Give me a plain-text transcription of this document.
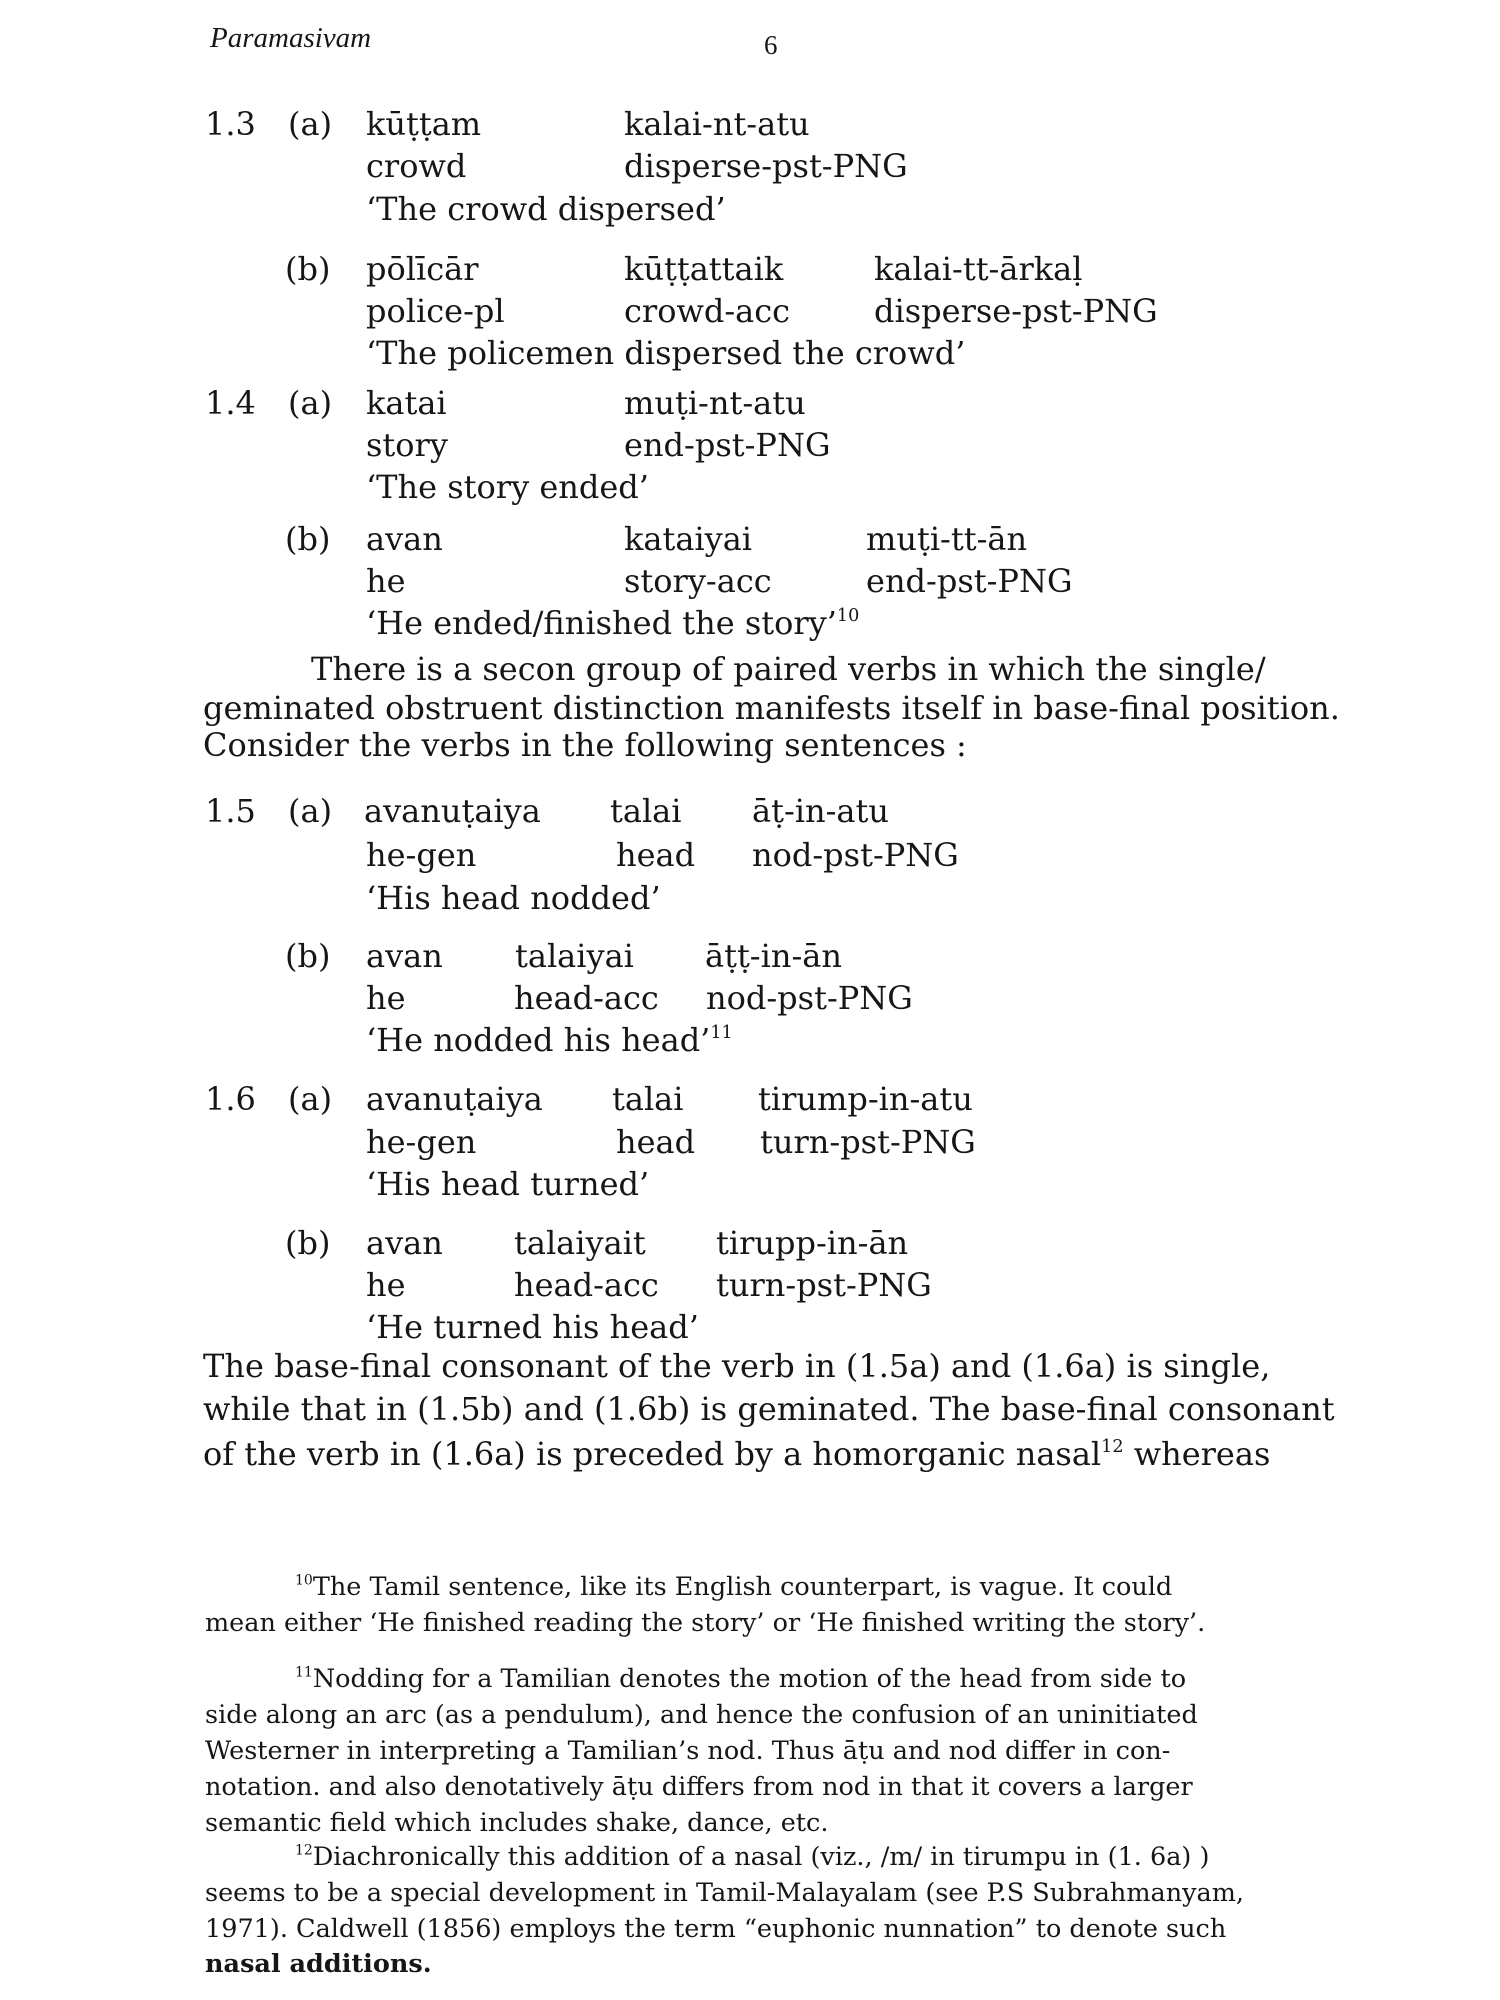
Paramasivam	6
1.3 (a) kūṭṭam	kalai-nt-atu
crowd	disperse-pst-PNG
‘The crowd dispersed’
(b) pōlīcār	kūṭṭattaik	kalai-tt-ārkaḷ
police-pl	crowd-acc	disperse-pst-PNG
‘The policemen dispersed the crowd’
1.4 (a) katai	muṭi-nt-atu
story	end-pst-PNG
‘The story ended’
(b) avan	kataiyai	muṭi-tt-ān
he	story-acc	end-pst-PNG
‘He ended/finished the story’$^{10}$
There is a secon group of paired verbs in which the single/
geminated obstruent distinction manifests itself in base-final position.
Consider the verbs in the following sentences :
1.5 (a) avanuṭaiya talai āṭ-in-atu
he-gen	head nod-pst-PNG
‘His head nodded’
(b) avan talaiyai āṭṭ-in-ān
he	head-acc nod-pst-PNG
‘He nodded his head’$^{11}$
1.6 (a) avanuṭaiya talai tirump-in-atu
he-gen	head turn-pst-PNG
‘His head turned’
(b) avan talaiyait tirupp-in-ān
he	head-acc turn-pst-PNG
‘He turned his head’
The base-final consonant of the verb in (1.5a) and (1.6a) is single,
while that in (1.5b) and (1.6b) is geminated. The base-final consonant
of the verb in (1.6a) is preceded by a homorganic nasal$^{12}$ whereas
$^{10}$The Tamil sentence, like its English counterpart, is vague. It could
mean either ‘He finished reading the story’ or ‘He finished writing the story’.
$^{11}$Nodding for a Tamilian denotes the motion of the head from side to
side along an arc (as a pendulum), and hence the confusion of an uninitiated
Westerner in interpreting a Tamilian’s nod. Thus āṭu and nod differ in con-
notation. and also denotatively āṭu differs from nod in that it covers a larger
semantic field which includes shake, dance, etc.
$^{12}$Diachronically this addition of a nasal (viz., /m/ in tirumpu in (1. 6a) )
seems to be a special development in Tamil-Malayalam (see P.S Subrahmanyam,
1971). Caldwell (1856) employs the term “euphonic nunnation” to denote such
nasal additions.
